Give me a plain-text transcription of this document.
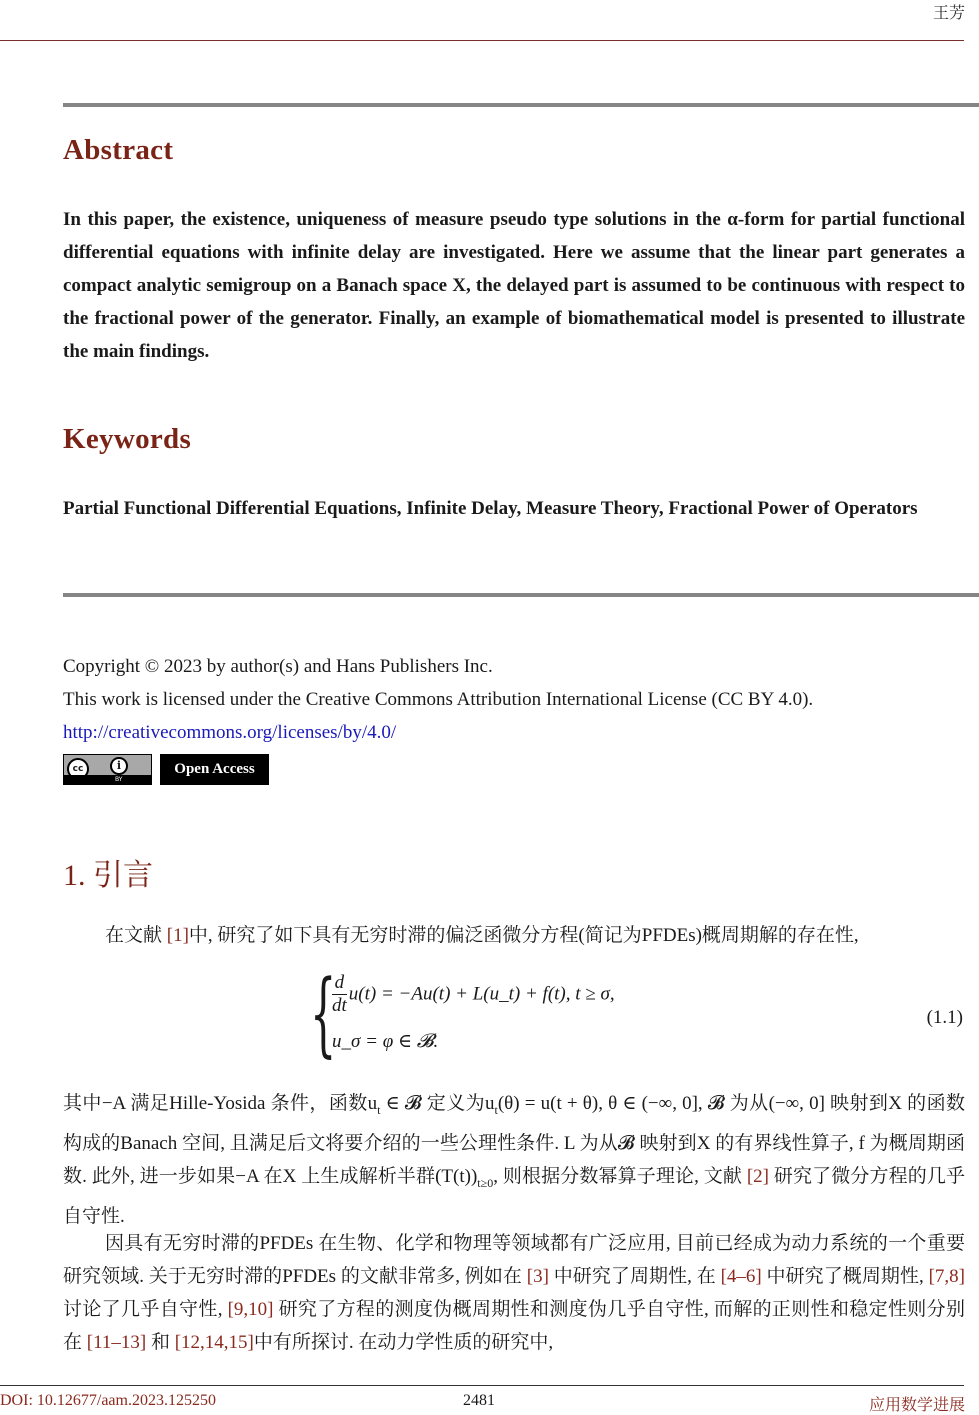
王芳
Abstract
In this paper, the existence, uniqueness of measure pseudo type solutions in the α-form for partial functional differential equations with infinite delay are investigated. Here we assume that the linear part generates a compact analytic semigroup on a Banach space X, the delayed part is assumed to be continuous with respect to the fractional power of the generator. Finally, an example of biomathematical model is presented to illustrate the main findings.
Keywords
Partial Functional Differential Equations, Infinite Delay, Measure Theory, Fractional Power of Operators
Copyright © 2023 by author(s) and Hans Publishers Inc.
This work is licensed under the Creative Commons Attribution International License (CC BY 4.0).
http://creativecommons.org/licenses/by/4.0/
cc	i
BY
Open Access
1. 引言
在文献 [1]中, 研究了如下具有无穷时滞的偏泛函微分方程(简记为PFDEs)概周期解的存在性,
{
$\frac{d}{dt} u(t) = -Au(t)$ + L(u_t) + f(t), t ≥ σ,
u_σ = φ ∈ 𝓑.
(1.1)
其中−A 满足Hille-Yosida 条件，函数$u_t$ ∈ 𝓑 定义为$u_t(\theta) = u(t + \theta)$, θ ∈ (−∞, 0], 𝓑 为从(−∞, 0] 映射到X 的函数构成的Banach 空间, 且满足后文将要介绍的一些公理性条件. L 为从𝓑 映射到X 的有界线性算子, f 为概周期函数. 此外, 进一步如果−A 在X 上生成解析半群$(T(t))_{t\ge 0}$, 则根据分数幂算子理论, 文献 [2] 研究了微分方程的几乎自守性.
因具有无穷时滞的PFDEs 在生物、化学和物理等领域都有广泛应用, 目前已经成为动力系统的一个重要研究领域. 关于无穷时滞的PFDEs 的文献非常多, 例如在 [3] 中研究了周期性, 在 [4–6] 中研究了概周期性, [7,8] 讨论了几乎自守性, [9,10] 研究了方程的测度伪概周期性和测度伪几乎自守性, 而解的正则性和稳定性则分别在 [11–13] 和 [12,14,15]中有所探讨. 在动力学性质的研究中,
DOI: 10.12677/aam.2023.125250	2481	应用数学进展
